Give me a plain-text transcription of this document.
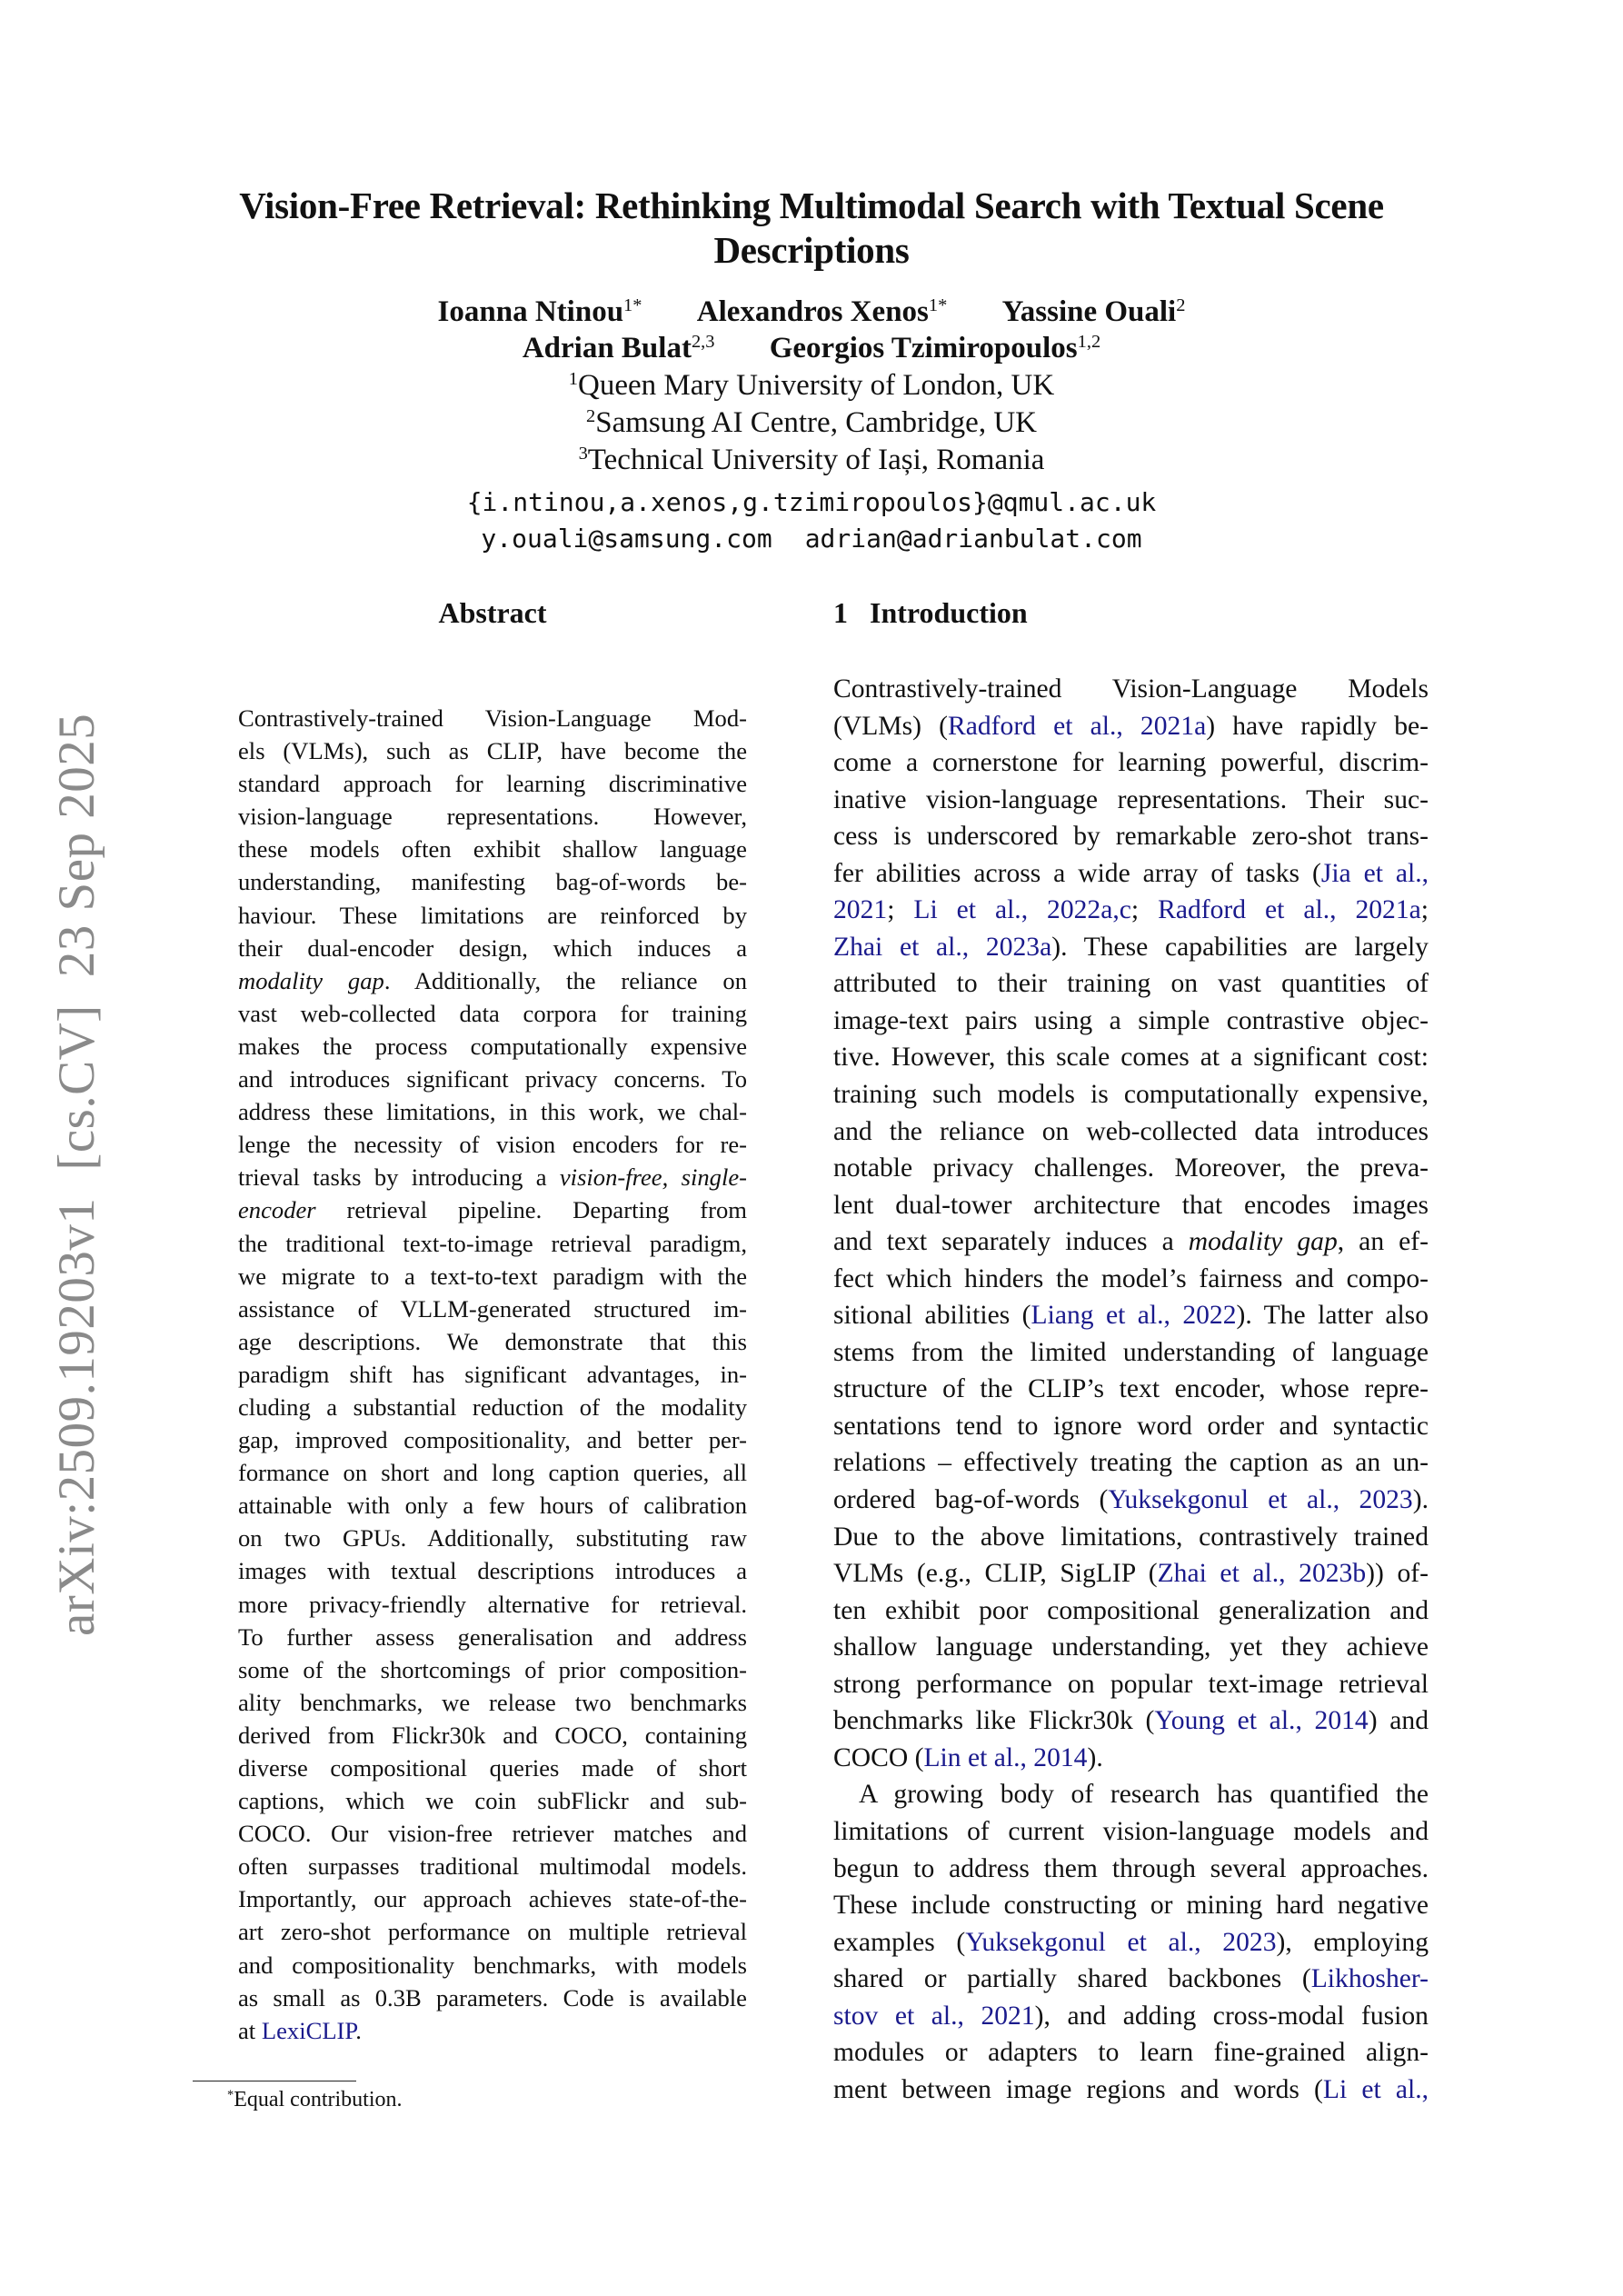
Vision-Free Retrieval: Rethinking Multimodal Search with Textual Scene
Descriptions
Ioanna Ntinou$^{1*}$ Alexandros Xenos$^{1*}$ Yassine Ouali$^2$
Adrian Bulat$^{2,3}$ Georgios Tzimiropoulos$^{1,2}$
$^1$Queen Mary University of London, UK
$^2$Samsung AI Centre, Cambridge, UK
$^3$Technical University of Iași, Romania
{i.ntinou,a.xenos,g.tzimiropoulos}@qmul.ac.uk
y.ouali@samsung.com adrian@adrianbulat.com
arXiv:2509.19203v1[cs.CV]23 Sep 2025
Abstract	1 Introduction
Contrastively-trained Vision-Language Mod-
els (VLMs), such as CLIP, have become the
standard approach for learning discriminative
vision-language representations. However,
these models often exhibit shallow language
understanding, manifesting bag-of-words be-
haviour. These limitations are reinforced by
their dual-encoder design, which induces a
modality gap. Additionally, the reliance on
vast web-collected data corpora for training
makes the process computationally expensive
and introduces significant privacy concerns. To
address these limitations, in this work, we chal-
lenge the necessity of vision encoders for re-
trieval tasks by introducing a vision-free, single-
encoder retrieval pipeline. Departing from
the traditional text-to-image retrieval paradigm,
we migrate to a text-to-text paradigm with the
assistance of VLLM-generated structured im-
age descriptions. We demonstrate that this
paradigm shift has significant advantages, in-
cluding a substantial reduction of the modality
gap, improved compositionality, and better per-
formance on short and long caption queries, all
attainable with only a few hours of calibration
on two GPUs. Additionally, substituting raw
images with textual descriptions introduces a
more privacy-friendly alternative for retrieval.
To further assess generalisation and address
some of the shortcomings of prior composition-
ality benchmarks, we release two benchmarks
derived from Flickr30k and COCO, containing
diverse compositional queries made of short
captions, which we coin subFlickr and sub-
COCO. Our vision-free retriever matches and
often surpasses traditional multimodal models.
Importantly, our approach achieves state-of-the-
art zero-shot performance on multiple retrieval
and compositionality benchmarks, with models
as small as 0.3B parameters. Code is available
at LexiCLIP.
Contrastively-trained Vision-Language Models
(VLMs) (Radford et al., 2021a) have rapidly be-
come a cornerstone for learning powerful, discrim-
inative vision-language representations. Their suc-
cess is underscored by remarkable zero-shot trans-
fer abilities across a wide array of tasks (Jia et al.,
2021; Li et al., 2022a,c; Radford et al., 2021a;
Zhai et al., 2023a). These capabilities are largely
attributed to their training on vast quantities of
image-text pairs using a simple contrastive objec-
tive. However, this scale comes at a significant cost:
training such models is computationally expensive,
and the reliance on web-collected data introduces
notable privacy challenges. Moreover, the preva-
lent dual-tower architecture that encodes images
and text separately induces a modality gap, an ef-
fect which hinders the model’s fairness and compo-
sitional abilities (Liang et al., 2022). The latter also
stems from the limited understanding of language
structure of the CLIP’s text encoder, whose repre-
sentations tend to ignore word order and syntactic
relations – effectively treating the caption as an un-
ordered bag-of-words (Yuksekgonul et al., 2023).
Due to the above limitations, contrastively trained
VLMs (e.g., CLIP, SigLIP (Zhai et al., 2023b)) of-
ten exhibit poor compositional generalization and
shallow language understanding, yet they achieve
strong performance on popular text-image retrieval
benchmarks like Flickr30k (Young et al., 2014) and
COCO (Lin et al., 2014).
A growing body of research has quantified the
limitations of current vision-language models and
begun to address them through several approaches.
These include constructing or mining hard negative
examples (Yuksekgonul et al., 2023), employing
shared or partially shared backbones (Likhosher-
stov et al., 2021), and adding cross-modal fusion
modules or adapters to learn fine-grained align-
ment between image regions and words (Li et al.,
*Equal contribution.
